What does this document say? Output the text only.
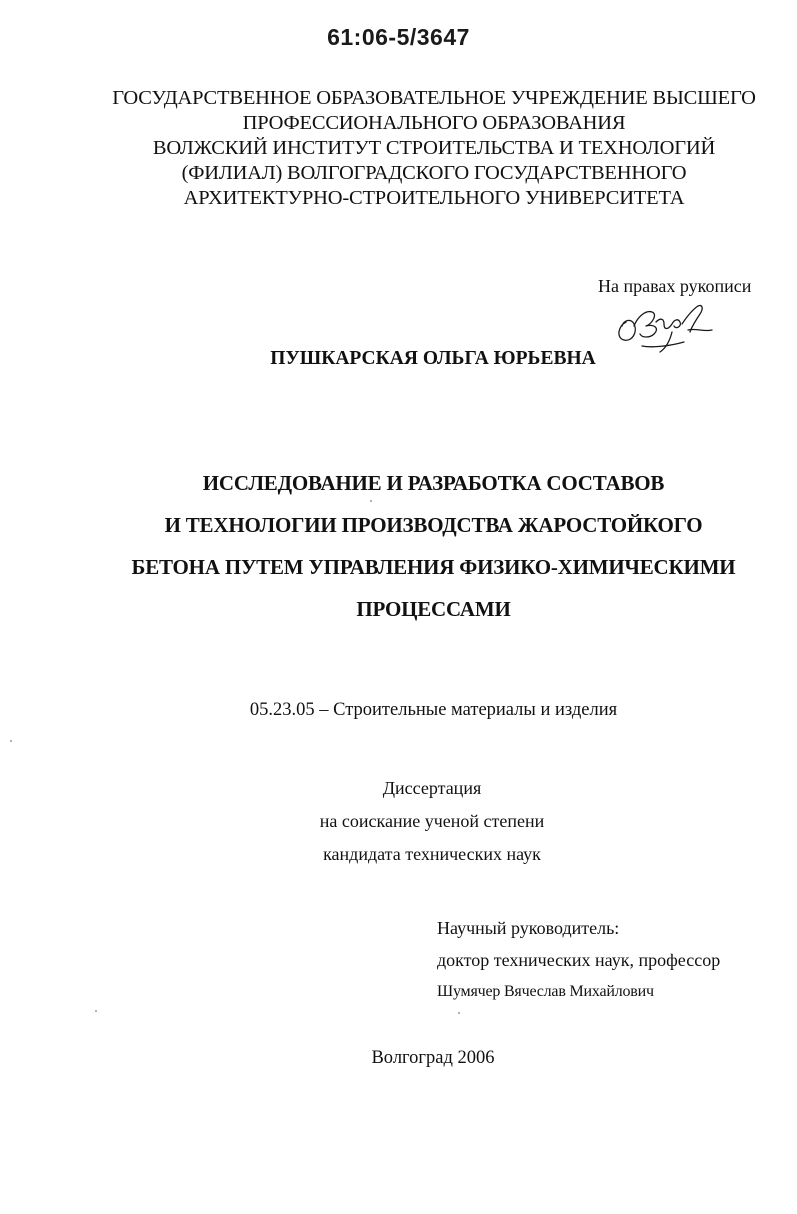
61:06-5/3647
ГОСУДАРСТВЕННОЕ ОБРАЗОВАТЕЛЬНОЕ УЧРЕЖДЕНИЕ ВЫСШЕГО
ПРОФЕССИОНАЛЬНОГО ОБРАЗОВАНИЯ
ВОЛЖСКИЙ ИНСТИТУТ СТРОИТЕЛЬСТВА И ТЕХНОЛОГИЙ
(ФИЛИАЛ) ВОЛГОГРАДСКОГО ГОСУДАРСТВЕННОГО
АРХИТЕКТУРНО-СТРОИТЕЛЬНОГО УНИВЕРСИТЕТА
На правах рукописи
ПУШКАРСКАЯ ОЛЬГА ЮРЬЕВНА
ИССЛЕДОВАНИЕ И РАЗРАБОТКА СОСТАВОВ
И ТЕХНОЛОГИИ ПРОИЗВОДСТВА ЖАРОСТОЙКОГО
БЕТОНА ПУТЕМ УПРАВЛЕНИЯ ФИЗИКО-ХИМИЧЕСКИМИ
ПРОЦЕССАМИ
05.23.05 – Строительные материалы и изделия
Диссертация
на соискание ученой степени
кандидата технических наук
Научный руководитель:
доктор технических наук, профессор
Шумячер Вячеслав Михайлович
Волгоград 2006
